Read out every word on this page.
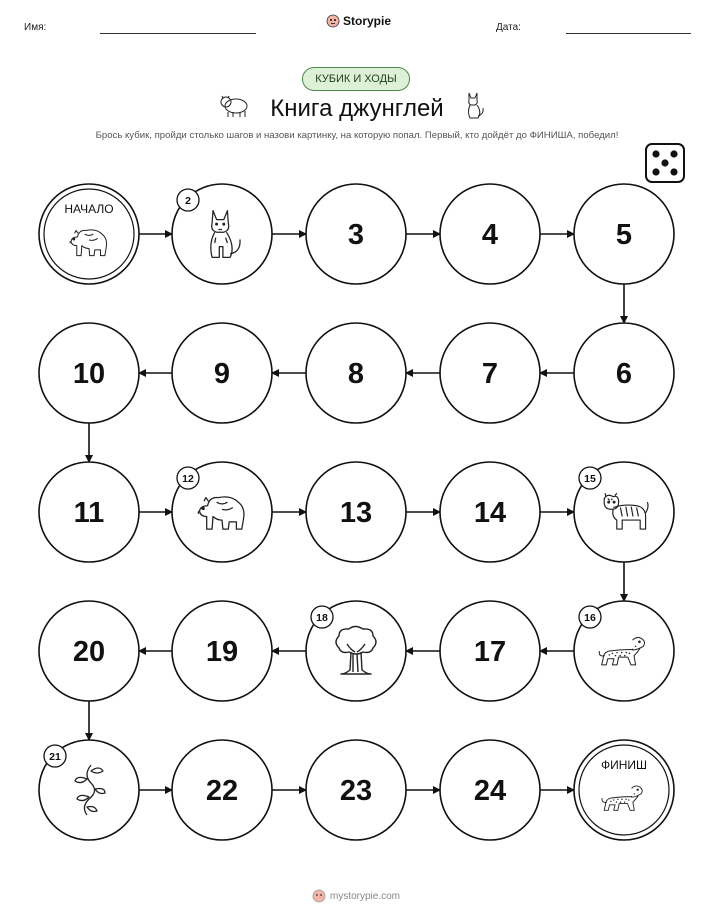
Имя:	Storypie	Дата:
КУБИК И ХОДЫ
Книга джунглей
Брось кубик, пройди столько шагов и назови картинку, на которую попал. Первый, кто дойдёт до ФИНИША, победил!
НАЧАЛО
2
3	4	5
6
7
8
9
10
11
12
13	14
15
16
17
18
19
20
21
22	23	24
ФИНИШ
mystorypie.com
